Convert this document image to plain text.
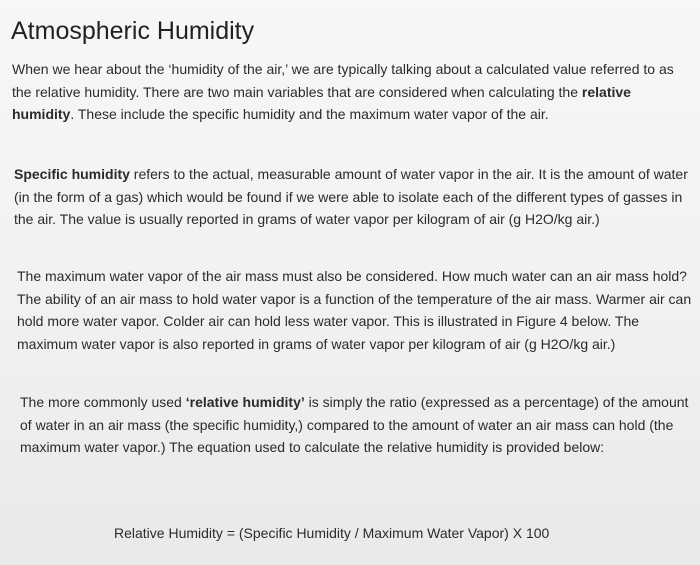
Atmospheric Humidity

When we hear about the ‘humidity of the air,’ we are typically talking about a calculated value referred to as the relative humidity. There are two main variables that are considered when calculating the relative humidity. These include the specific humidity and the maximum water vapor of the air.

Specific humidity refers to the actual, measurable amount of water vapor in the air. It is the amount of water (in the form of a gas) which would be found if we were able to isolate each of the different types of gasses in the air. The value is usually reported in grams of water vapor per kilogram of air (g H2O/kg air.)

The maximum water vapor of the air mass must also be considered. How much water can an air mass hold? The ability of an air mass to hold water vapor is a function of the temperature of the air mass. Warmer air can hold more water vapor. Colder air can hold less water vapor. This is illustrated in Figure 4 below. The maximum water vapor is also reported in grams of water vapor per kilogram of air (g H2O/kg air.)

The more commonly used ‘relative humidity’ is simply the ratio (expressed as a percentage) of the amount of water in an air mass (the specific humidity,) compared to the amount of water an air mass can hold (the maximum water vapor.) The equation used to calculate the relative humidity is provided below:

Relative Humidity = (Specific Humidity / Maximum Water Vapor) X 100
